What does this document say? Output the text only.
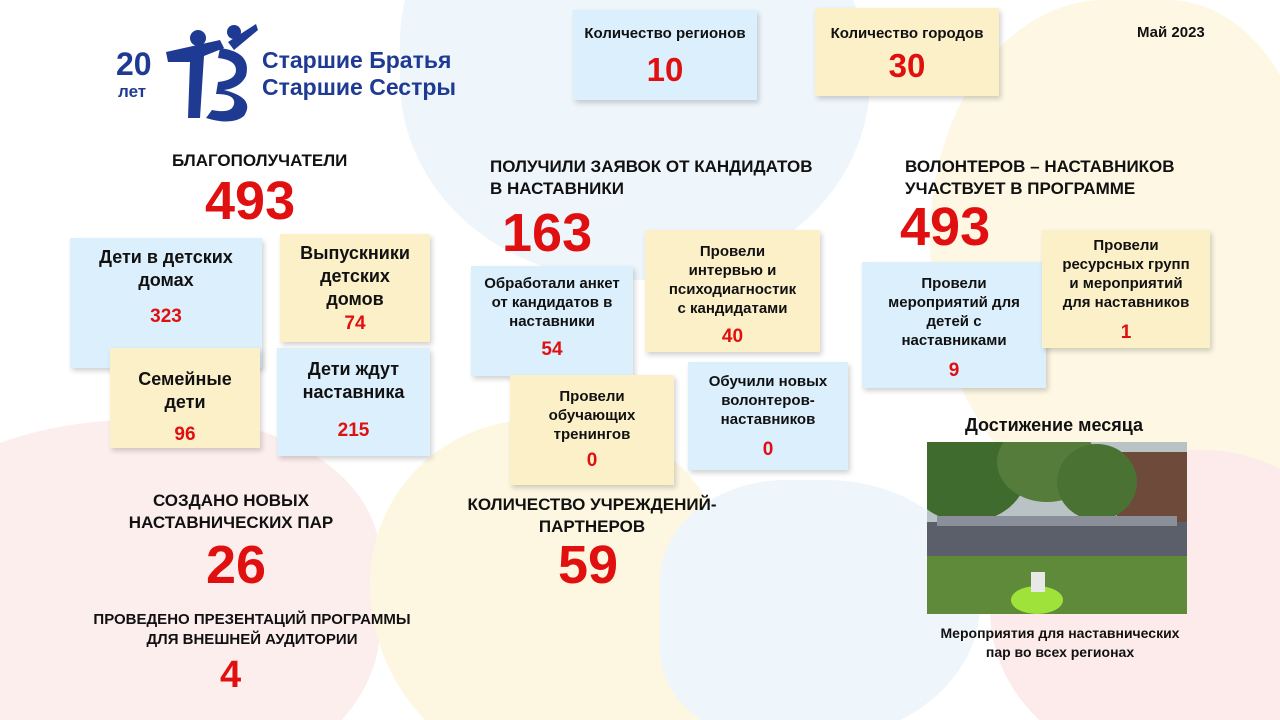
20
лет
Старшие Братья
Старшие Сестры
Количество регионов
10
Количество городов
30
Май 2023
БЛАГОПОЛУЧАТЕЛИ
493
Дети в детских домах
323
Выпускники детских домов
74
Семейные дети
96
Дети ждут наставника
215
ПОЛУЧИЛИ ЗАЯВОК ОТ КАНДИДАТОВ
В НАСТАВНИКИ
163
Обработали анкет
от кандидатов в
наставники
54
Провели
интервью и
психодиагностик
с кандидатами
40
Провели
обучающих
тренингов
0
Обучили новых
волонтеров-
наставников
0
ВОЛОНТЕРОВ – НАСТАВНИКОВ
УЧАСТВУЕТ В ПРОГРАММЕ
493
Провели
мероприятий для
детей с
наставниками
9
Провели
ресурсных групп
и мероприятий
для наставников
1
СОЗДАНО НОВЫХ
НАСТАВНИЧЕСКИХ ПАР
26
ПРОВЕДЕНО ПРЕЗЕНТАЦИЙ ПРОГРАММЫ
ДЛЯ ВНЕШНЕЙ АУДИТОРИИ
4
КОЛИЧЕСТВО УЧРЕЖДЕНИЙ-
ПАРТНЕРОВ
59
Достижение месяца
Мероприятия для наставнических
пар во всех регионах
